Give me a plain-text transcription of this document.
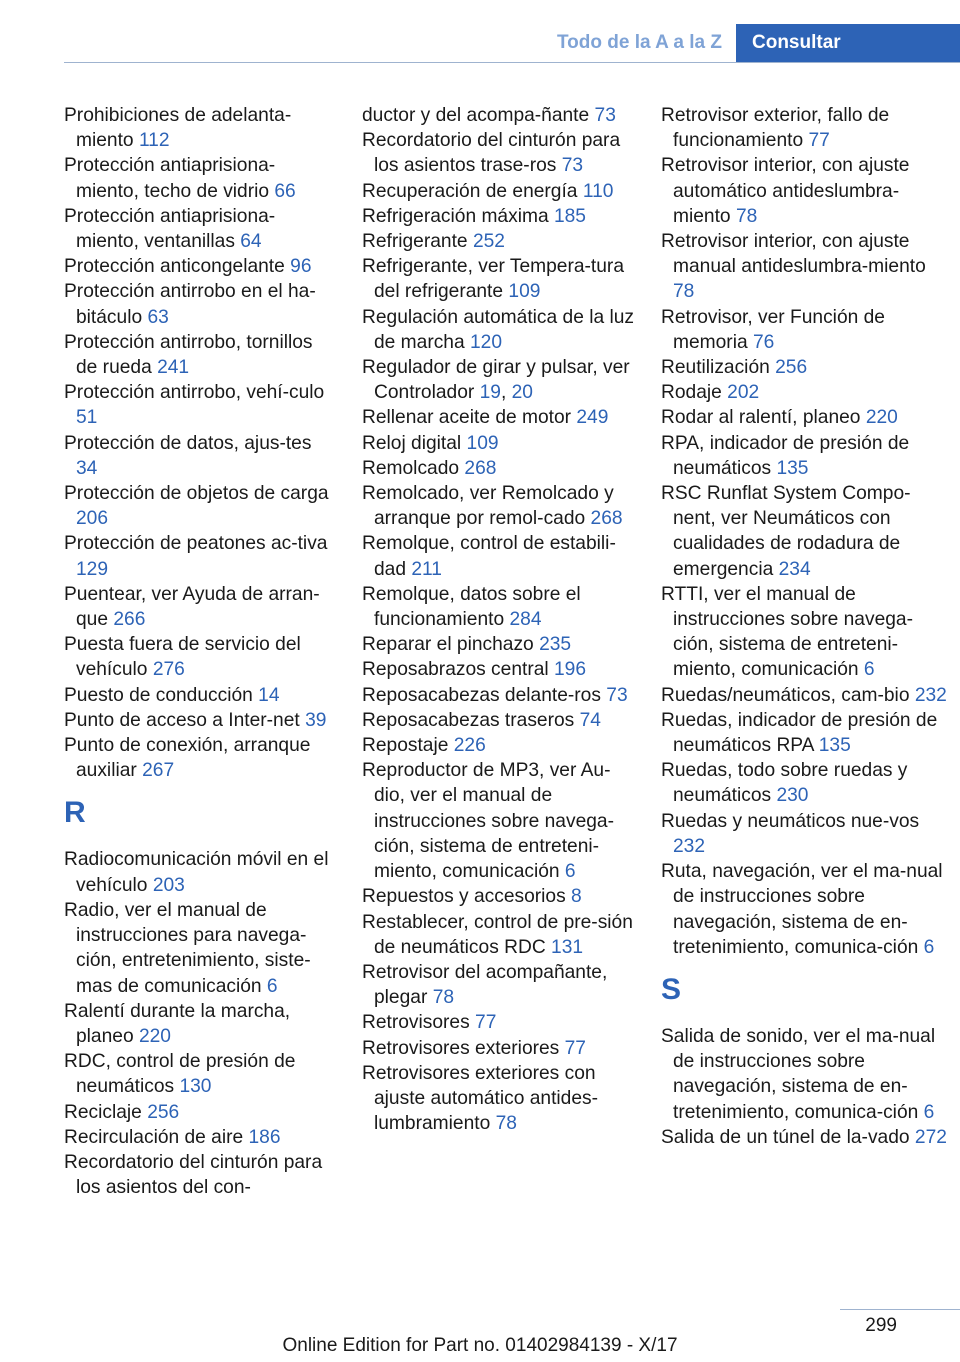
Todo de la A a la Z	Consultar
Prohibiciones de adelanta-miento 112
Protección antiaprisiona-miento, techo de vidrio 66
Protección antiaprisiona-miento, ventanillas 64
Protección anticongelante 96
Protección antirrobo en el ha-bitáculo 63
Protección antirrobo, tornillos de rueda 241
Protección antirrobo, vehí-culo 51
Protección de datos, ajus-tes 34
Protección de objetos de carga 206
Protección de peatones ac-tiva 129
Puentear, ver Ayuda de arran-que 266
Puesta fuera de servicio del vehículo 276
Puesto de conducción 14
Punto de acceso a Inter-net 39
Punto de conexión, arranque auxiliar 267
R
Radiocomunicación móvil en el vehículo 203
Radio, ver el manual de instrucciones para navega-ción, entretenimiento, siste-mas de comunicación 6
Ralentí durante la marcha, planeo 220
RDC, control de presión de neumáticos 130
Reciclaje 256
Recirculación de aire 186
Recordatorio del cinturón para los asientos del con-
ductor y del acompa-ñante 73
Recordatorio del cinturón para los asientos trase-ros 73
Recuperación de energía 110
Refrigeración máxima 185
Refrigerante 252
Refrigerante, ver Tempera-tura del refrigerante 109
Regulación automática de la luz de marcha 120
Regulador de girar y pulsar, ver Controlador 19, 20
Rellenar aceite de motor 249
Reloj digital 109
Remolcado 268
Remolcado, ver Remolcado y arranque por remol-cado 268
Remolque, control de estabili-dad 211
Remolque, datos sobre el funcionamiento 284
Reparar el pinchazo 235
Reposabrazos central 196
Reposacabezas delante-ros 73
Reposacabezas traseros 74
Repostaje 226
Reproductor de MP3, ver Au-dio, ver el manual de instrucciones sobre navega-ción, sistema de entreteni-miento, comunicación 6
Repuestos y accesorios 8
Restablecer, control de pre-sión de neumáticos RDC 131
Retrovisor del acompañante, plegar 78
Retrovisores 77
Retrovisores exteriores 77
Retrovisores exteriores con ajuste automático antides-lumbramiento 78
Retrovisor exterior, fallo de funcionamiento 77
Retrovisor interior, con ajuste automático antideslumbra-miento 78
Retrovisor interior, con ajuste manual antideslumbra-miento 78
Retrovisor, ver Función de memoria 76
Reutilización 256
Rodaje 202
Rodar al ralentí, planeo 220
RPA, indicador de presión de neumáticos 135
RSC Runflat System Compo-nent, ver Neumáticos con cualidades de rodadura de emergencia 234
RTTI, ver el manual de instrucciones sobre navega-ción, sistema de entreteni-miento, comunicación 6
Ruedas/neumáticos, cam-bio 232
Ruedas, indicador de presión de neumáticos RPA 135
Ruedas, todo sobre ruedas y neumáticos 230
Ruedas y neumáticos nue-vos 232
Ruta, navegación, ver el ma-nual de instrucciones sobre navegación, sistema de en-tretenimiento, comunica-ción 6
S
Salida de sonido, ver el ma-nual de instrucciones sobre navegación, sistema de en-tretenimiento, comunica-ción 6
Salida de un túnel de la-vado 272
299
Online Edition for Part no. 01402984139 - X/17
